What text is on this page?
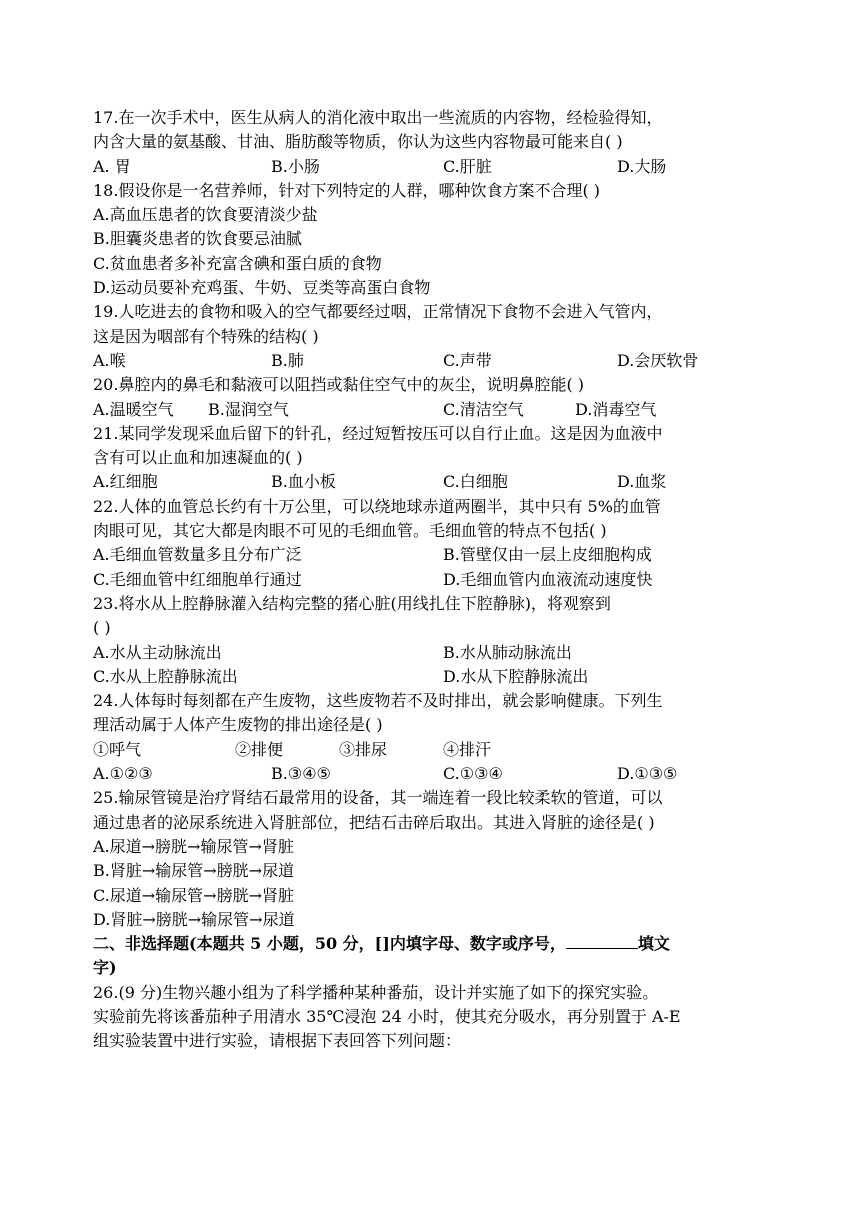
17.在一次手术中，医生从病人的消化液中取出一些流质的内容物，经检验得知，
内含大量的氨基酸、甘油、脂肪酸等物质，你认为这些内容物最可能来自( )
A. 胃	B.小肠	C.肝脏	D.大肠
18.假设你是一名营养师，针对下列特定的人群，哪种饮食方案不合理( )
A.高血压患者的饮食要清淡少盐
B.胆囊炎患者的饮食要忌油腻
C.贫血患者多补充富含碘和蛋白质的食物
D.运动员要补充鸡蛋、牛奶、豆类等高蛋白食物
19.人吃进去的食物和吸入的空气都要经过咽，正常情况下食物不会进入气管内，
这是因为咽部有个特殊的结构( )
A.喉	B.肺	C.声带	D.会厌软骨
20.鼻腔内的鼻毛和黏液可以阻挡或黏住空气中的灰尘，说明鼻腔能( )
A.温暖空气 B.湿润空气	C.清洁空气	D.消毒空气
21.某同学发现采血后留下的针孔，经过短暂按压可以自行止血。这是因为血液中
含有可以止血和加速凝血的( )
A.红细胞	B.血小板	C.白细胞	D.血浆
22.人体的血管总长约有十万公里，可以绕地球赤道两圈半，其中只有 5%的血管
肉眼可见，其它大都是肉眼不可见的毛细血管。毛细血管的特点不包括( )
A.毛细血管数量多且分布广泛	B.管壁仅由一层上皮细胞构成
C.毛细血管中红细胞单行通过	D.毛细血管内血液流动速度快
23.将水从上腔静脉灌入结构完整的猪心脏(用线扎住下腔静脉)，将观察到
( )
A.水从主动脉流出	B.水从肺动脉流出
C.水从上腔静脉流出	D.水从下腔静脉流出
24.人体每时每刻都在产生废物，这些废物若不及时排出，就会影响健康。下列生
理活动属于人体产生废物的排出途径是( )
①呼气	②排便	③排尿	④排汗
A.①②③	B.③④⑤	C.①③④	D.①③⑤
25.输尿管镜是治疗肾结石最常用的设备，其一端连着一段比较柔软的管道，可以
通过患者的泌尿系统进入肾脏部位，把结石击碎后取出。其进入肾脏的途径是( )
A.尿道→膀胱→输尿管→肾脏
B.肾脏→输尿管→膀胱→尿道
C.尿道→输尿管→膀胱→肾脏
D.肾脏→膀胱→输尿管→尿道
二、非选择题(本题共 5 小题，50 分，[]内填字母、数字或序号，	填文
字)
26.(9 分)生物兴趣小组为了科学播种某种番茄，设计并实施了如下的探究实验。
实验前先将该番茄种子用清水 35℃浸泡 24 小时，使其充分吸水，再分别置于 A-E
组实验装置中进行实验，请根据下表回答下列问题：
